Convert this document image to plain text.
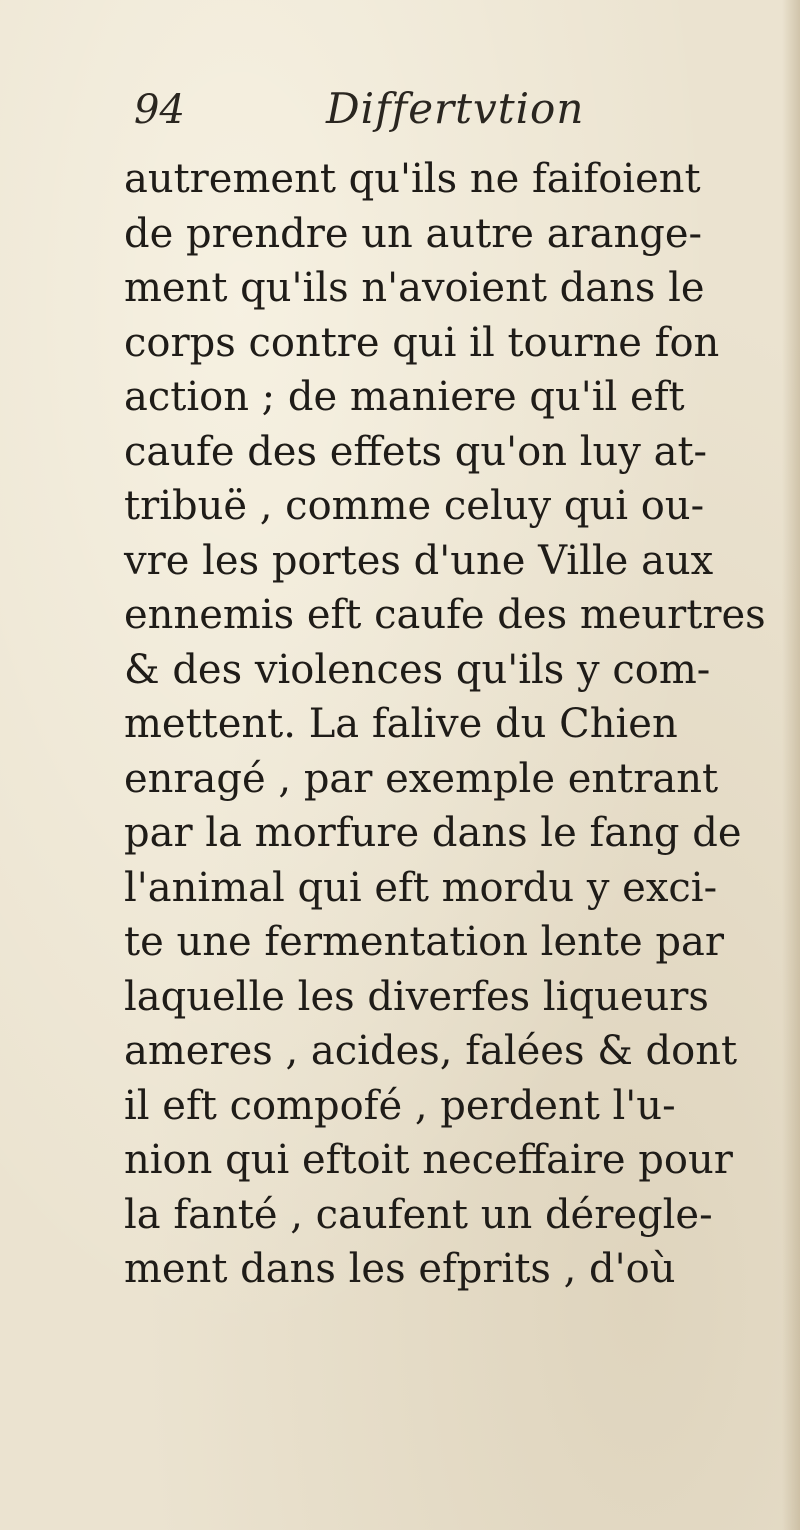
94	Differtvtion
autrement qu'ils ne faifoient
de prendre un autre arange-
ment qu'ils n'avoient dans le
corps contre qui il tourne fon
action ; de maniere qu'il eft
caufe des effets qu'on luy at-
tribuë , comme celuy qui ou-
vre les portes d'une Ville aux
ennemis eft caufe des meurtres
& des violences qu'ils y com-
mettent. La falive du Chien
enragé , par exemple entrant
par la morfure dans le fang de
l'animal qui eft mordu y exci-
te une fermentation lente par
laquelle les diverfes liqueurs
ameres , acides, falées & dont
il eft compofé , perdent l'u-
nion qui eftoit neceffaire pour
la fanté , caufent un déregle-
ment dans les efprits , d'où
